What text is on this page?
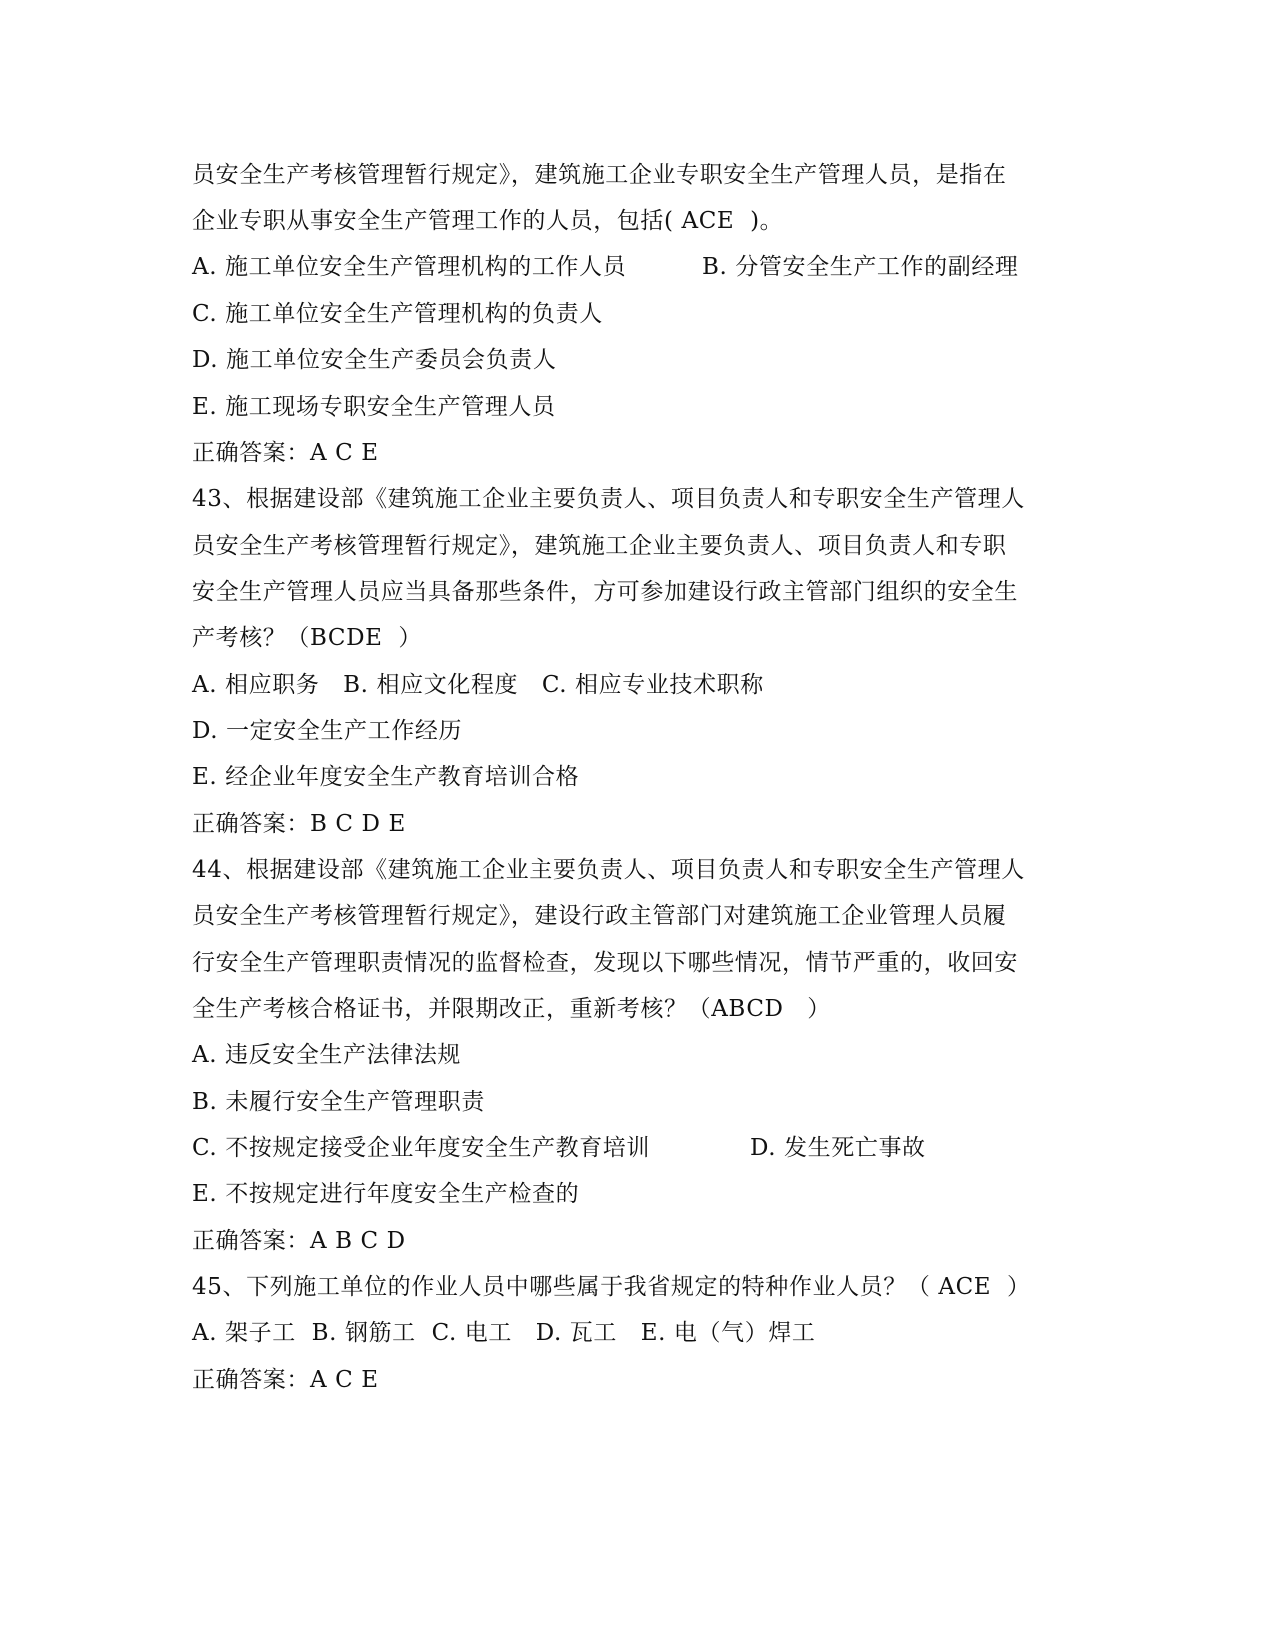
员安全生产考核管理暂行规定》，建筑施工企业专职安全生产管理人员，是指在
企业专职从事安全生产管理工作的人员，包括( ACE  )。
A. 施工单位安全生产管理机构的工作人员	B. 分管安全生产工作的副经理
C. 施工单位安全生产管理机构的负责人
D. 施工单位安全生产委员会负责人
E. 施工现场专职安全生产管理人员
正确答案：A C E
43、根据建设部《建筑施工企业主要负责人、项目负责人和专职安全生产管理人
员安全生产考核管理暂行规定》，建筑施工企业主要负责人、项目负责人和专职
安全生产管理人员应当具备那些条件，方可参加建设行政主管部门组织的安全生
产考核？（BCDE  ）
A. 相应职务   B. 相应文化程度   C. 相应专业技术职称
D. 一定安全生产工作经历
E. 经企业年度安全生产教育培训合格
正确答案：B C D E
44、根据建设部《建筑施工企业主要负责人、项目负责人和专职安全生产管理人
员安全生产考核管理暂行规定》，建设行政主管部门对建筑施工企业管理人员履
行安全生产管理职责情况的监督检查，发现以下哪些情况，情节严重的，收回安
全生产考核合格证书，并限期改正，重新考核？（ABCD   ）
A. 违反安全生产法律法规
B. 未履行安全生产管理职责
C. 不按规定接受企业年度安全生产教育培训	D. 发生死亡事故
E. 不按规定进行年度安全生产检查的
正确答案：A B C D
45、下列施工单位的作业人员中哪些属于我省规定的特种作业人员？（ ACE  ）
A. 架子工  B. 钢筋工  C. 电工   D. 瓦工   E. 电（气）焊工
正确答案：A C E
